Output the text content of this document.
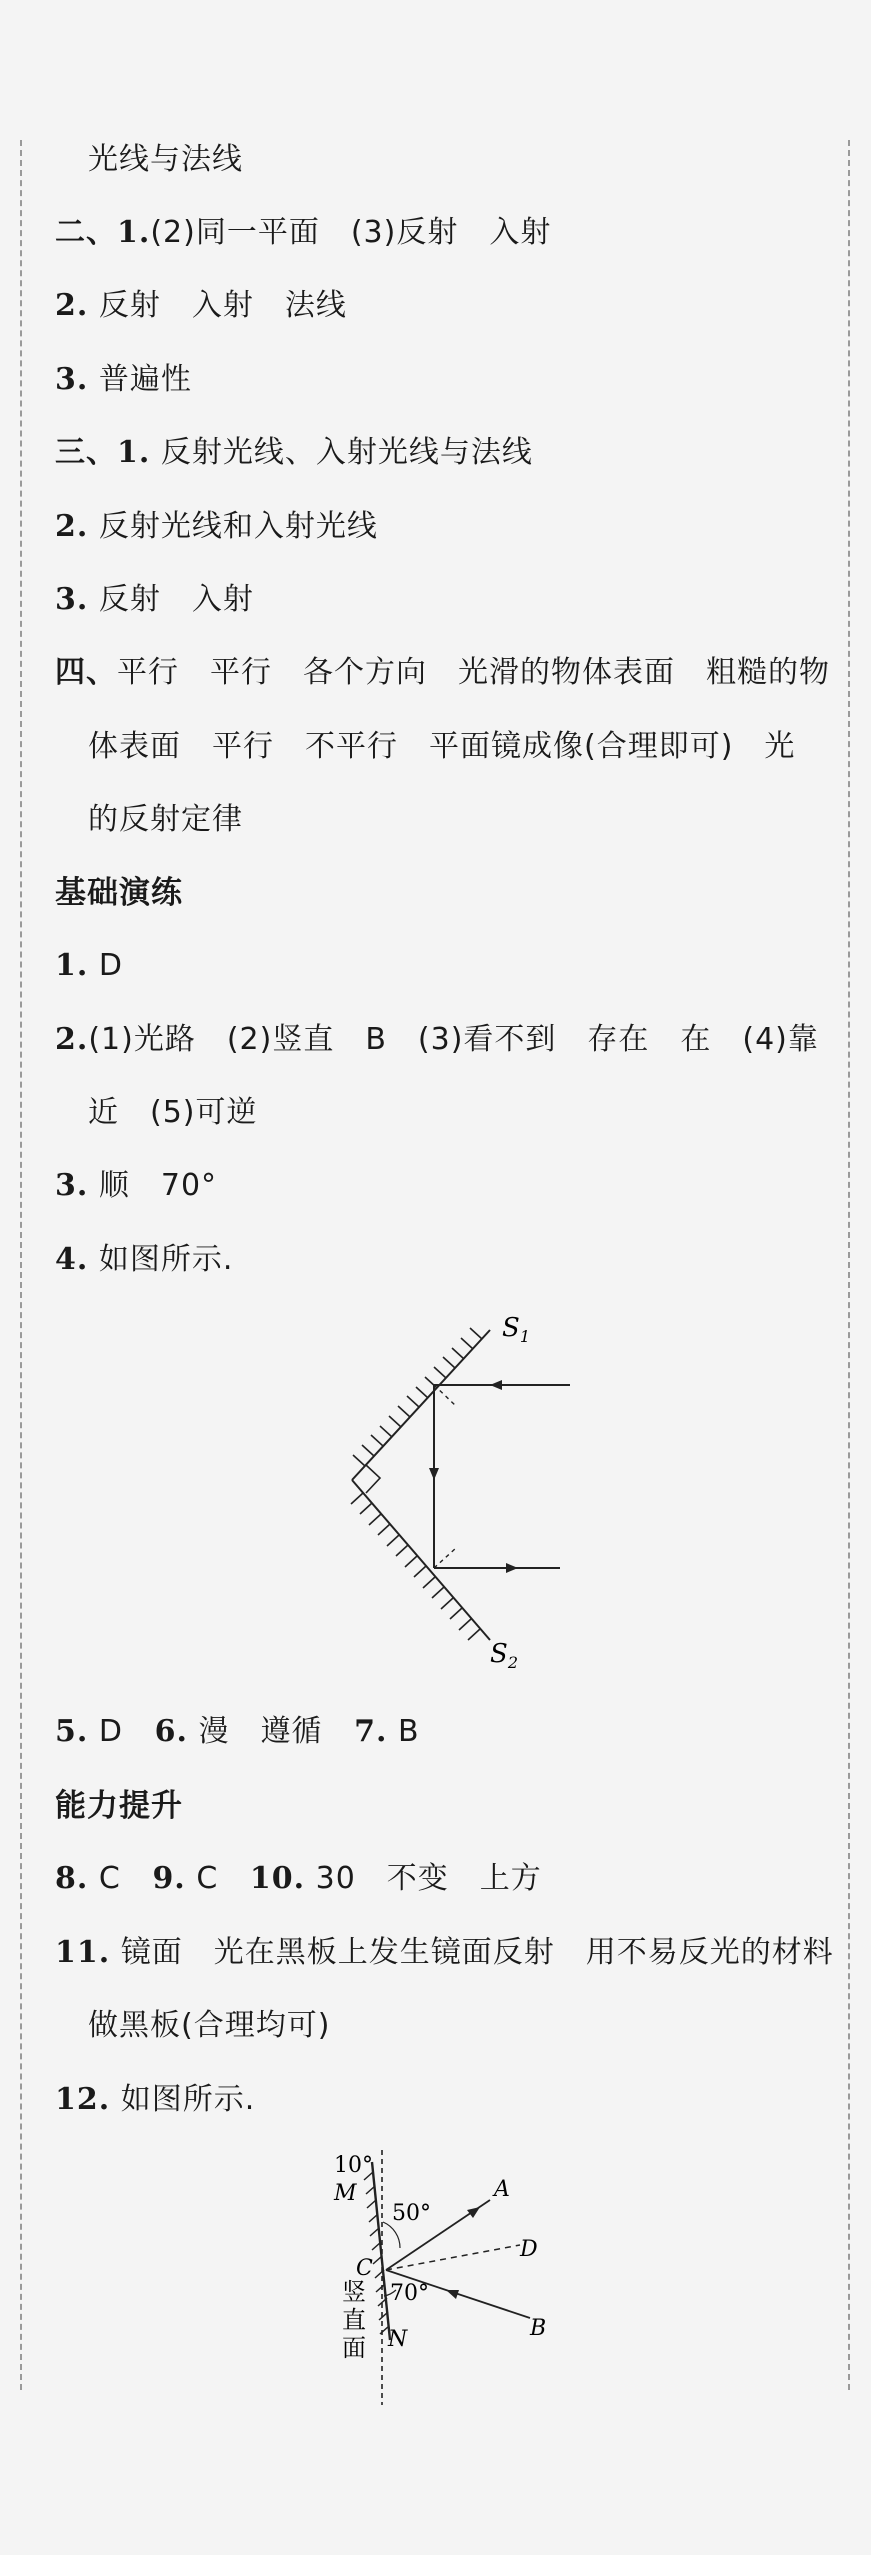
光线与法线
二、1.(2)同一平面　(3)反射　入射
2. 反射　入射　法线
3. 普遍性
三、1. 反射光线、入射光线与法线
2. 反射光线和入射光线
3. 反射　入射
四、平行　平行　各个方向　光滑的物体表面　粗糙的物
体表面　平行　不平行　平面镜成像(合理即可)　光
的反射定律
基础演练
1. D
2.(1)光路　(2)竖直　B　(3)看不到　存在　在　(4)靠
近　(5)可逆
3. 顺　70°
4. 如图所示.
$S_1$
$S_2$
5. D 6. 漫　遵循 7. B
能力提升
8. C 9. C 10. 30　不变　上方
11. 镜面　光在黑板上发生镜面反射　用不易反光的材料
做黑板(合理均可)
12. 如图所示.
10°
M	A
50°
C
D
70°
B
N
竖
直
面
